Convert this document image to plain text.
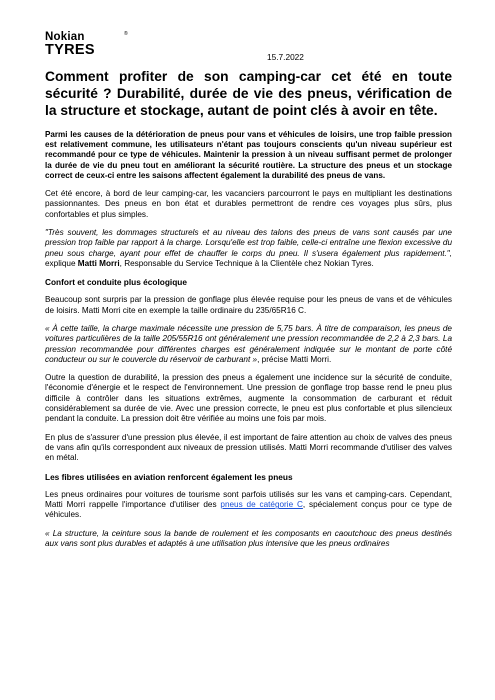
Nokian
TYRES
®
15.7.2022
Comment profiter de son camping-car cet été en toute sécurité ? Durabilité, durée de vie des pneus, vérification de la structure et stockage, autant de point clés à avoir en tête.

Parmi les causes de la détérioration de pneus pour vans et véhicules de loisirs, une trop faible pression est relativement commune, les utilisateurs n'étant pas toujours conscients qu'un niveau supérieur est recommandé pour ce type de véhicules. Maintenir la pression à un niveau suffisant permet de prolonger la durée de vie du pneu tout en améliorant la sécurité routière. La structure des pneus et un stockage correct de ceux-ci entre les saisons affectent également la durabilité des pneus de vans.

Cet été encore, à bord de leur camping-car, les vacanciers parcourront le pays en multipliant les destinations passionnantes. Des pneus en bon état et durables permettront de rendre ces voyages plus sûrs, plus confortables et plus simples.

"Très souvent, les dommages structurels et au niveau des talons des pneus de vans sont causés par une pression trop faible par rapport à la charge. Lorsqu'elle est trop faible, celle-ci entraîne une flexion excessive du pneu sous charge, ayant pour effet de chauffer le corps du pneu. Il s'usera également plus rapidement.", explique Matti Morri, Responsable du Service Technique à la Clientèle chez Nokian Tyres.

Confort et conduite plus écologique

Beaucoup sont surpris par la pression de gonflage plus élevée requise pour les pneus de vans et de véhicules de loisirs. Matti Morri cite en exemple la taille ordinaire du 235/65R16 C.

« À cette taille, la charge maximale nécessite une pression de 5,75 bars. À titre de comparaison, les pneus de voitures particulières de la taille 205/55R16 ont généralement une pression recommandée de 2,2 à 2,3 bars. La pression recommandée pour différentes charges est généralement indiquée sur le montant de porte côté conducteur ou sur le couvercle du réservoir de carburant », précise Matti Morri.

Outre la question de durabilité, la pression des pneus a également une incidence sur la sécurité de conduite, l'économie d'énergie et le respect de l'environnement. Une pression de gonflage trop basse rend le pneu plus difficile à contrôler dans les situations extrêmes, augmente la consommation de carburant et réduit considérablement sa durée de vie. Avec une pression correcte, le pneu est plus confortable et plus silencieux pendant la conduite. La pression doit être vérifiée au moins une fois par mois.

En plus de s'assurer d'une pression plus élevée, il est important de faire attention au choix de valves des pneus de vans afin qu'ils correspondent aux niveaux de pression utilisés. Matti Morri recommande d'utiliser des valves en métal.

Les fibres utilisées en aviation renforcent également les pneus

Les pneus ordinaires pour voitures de tourisme sont parfois utilisés sur les vans et camping-cars. Cependant, Matti Morri rappelle l'importance d'utiliser des pneus de catégorie C, spécialement conçus pour ce type de véhicules.

« La structure, la ceinture sous la bande de roulement et les composants en caoutchouc des pneus destinés aux vans sont plus durables et adaptés à une utilisation plus intensive que les pneus ordinaires
